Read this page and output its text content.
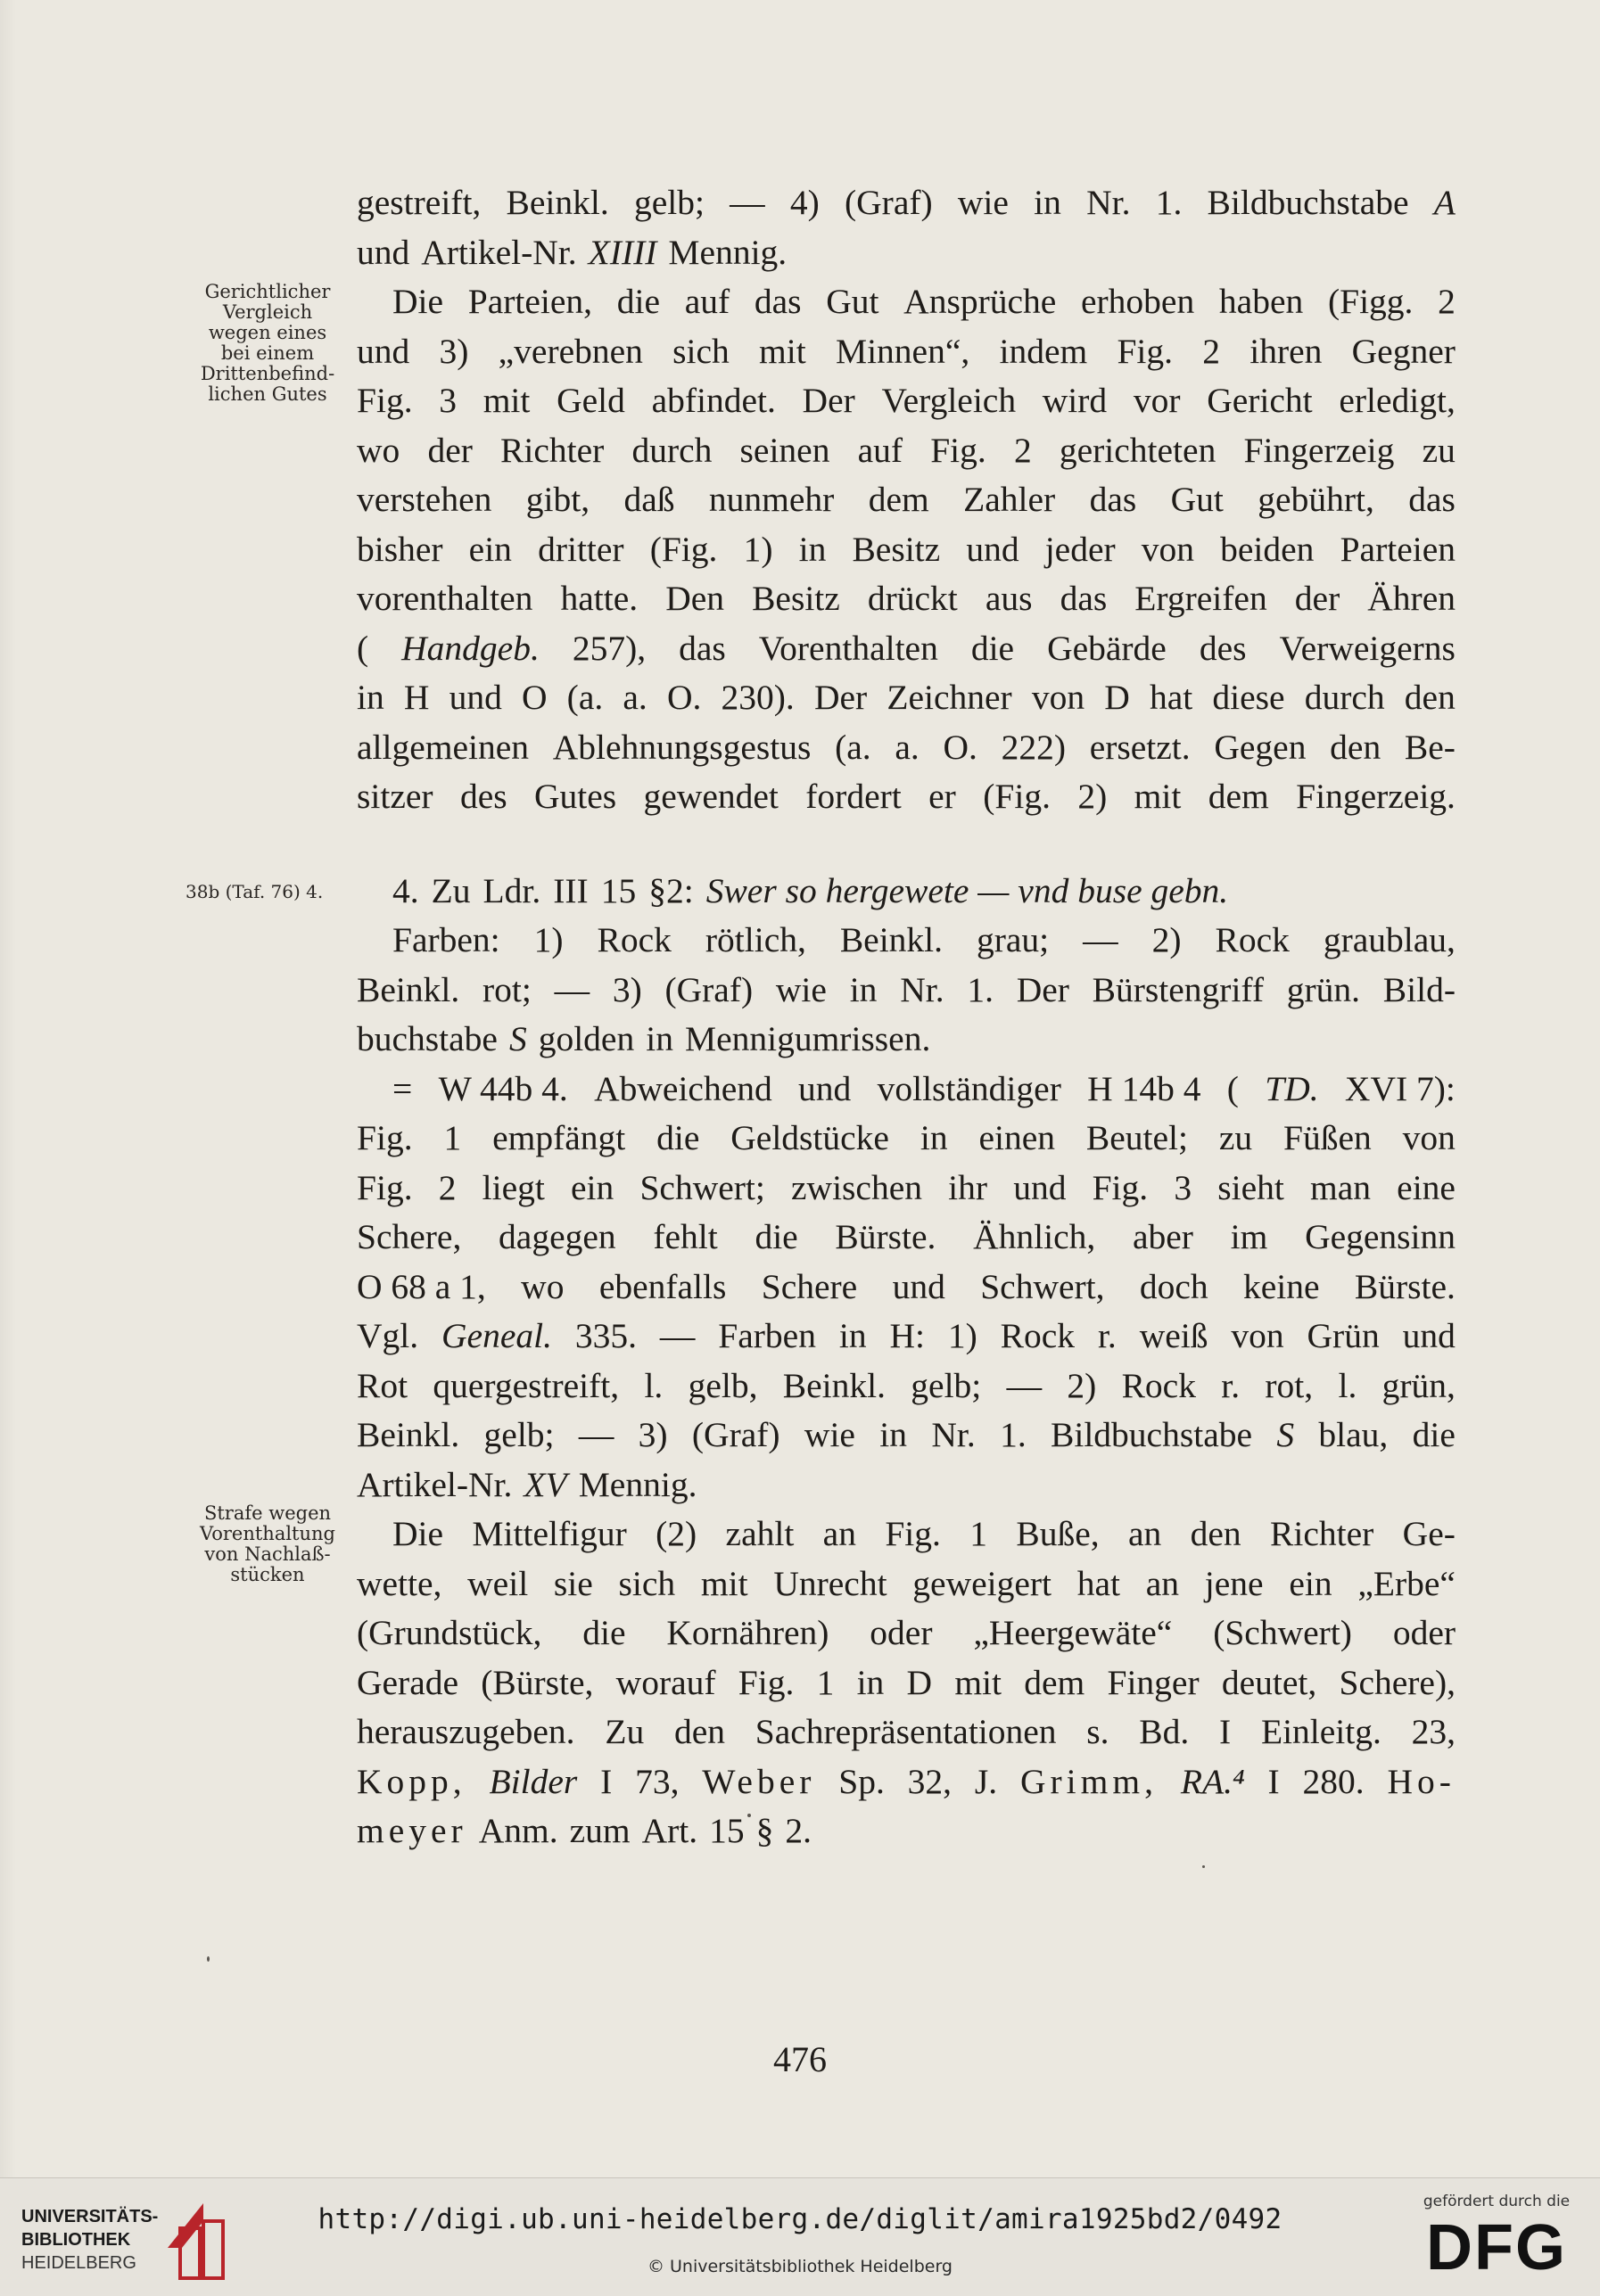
Gerichtlicher
Vergleich
wegen eines
bei einem
Drittenbefind-
lichen Gutes
38b (Taf. 76) 4.
Strafe wegen
Vorenthaltung
von Nachlaß-
stücken
gestreift, Beinkl. gelb; — 4) (Graf) wie in Nr. 1. Bildbuchstabe A
und Artikel-Nr. XIIII Mennig.
Die Parteien, die auf das Gut Ansprüche erhoben haben (Figg. 2
und 3) „verebnen sich mit Minnen“, indem Fig. 2 ihren Gegner
Fig. 3 mit Geld abfindet. Der Vergleich wird vor Gericht erledigt,
wo der Richter durch seinen auf Fig. 2 gerichteten Fingerzeig zu
verstehen gibt, daß nunmehr dem Zahler das Gut gebührt, das
bisher ein dritter (Fig. 1) in Besitz und jeder von beiden Parteien
vorenthalten hatte. Den Besitz drückt aus das Ergreifen der Ähren
( Handgeb. 257), das Vorenthalten die Gebärde des Verweigerns
in H und O (a. a. O. 230). Der Zeichner von D hat diese durch den
allgemeinen Ablehnungsgestus (a. a. O. 222) ersetzt. Gegen den Be-
sitzer des Gutes gewendet fordert er (Fig. 2) mit dem Fingerzeig.
4. Zu Ldr. III 15 §2: Swer so hergewete — vnd buse gebn.
Farben: 1) Rock rötlich, Beinkl. grau; — 2) Rock graublau,
Beinkl. rot; — 3) (Graf) wie in Nr. 1. Der Bürstengriff grün. Bild-
buchstabe S golden in Mennigumrissen.
= W 44b 4. Abweichend und vollständiger H 14b 4 ( TD. XVI 7):
Fig. 1 empfängt die Geldstücke in einen Beutel; zu Füßen von
Fig. 2 liegt ein Schwert; zwischen ihr und Fig. 3 sieht man eine
Schere, dagegen fehlt die Bürste. Ähnlich, aber im Gegensinn
O 68 a 1, wo ebenfalls Schere und Schwert, doch keine Bürste.
Vgl. Geneal. 335. — Farben in H: 1) Rock r. weiß von Grün und
Rot quergestreift, l. gelb, Beinkl. gelb; — 2) Rock r. rot, l. grün,
Beinkl. gelb; — 3) (Graf) wie in Nr. 1. Bildbuchstabe S blau, die
Artikel-Nr. XV Mennig.
Die Mittelfigur (2) zahlt an Fig. 1 Buße, an den Richter Ge-
wette, weil sie sich mit Unrecht geweigert hat an jene ein „Erbe“
(Grundstück, die Kornähren) oder „Heergewäte“ (Schwert) oder
Gerade (Bürste, worauf Fig. 1 in D mit dem Finger deutet, Schere),
herauszugeben. Zu den Sachrepräsentationen s. Bd. I Einleitg. 23,
Kopp, Bilder I 73, Weber Sp. 32, J. Grimm, RA.⁴ I 280. Ho-
meyer Anm. zum Art. 15 § 2.
476
UNIVERSITÄTS-
BIBLIOTHEK
HEIDELBERG
http://digi.ub.uni-heidelberg.de/diglit/amira1925bd2/0492
© Universitätsbibliothek Heidelberg
gefördert durch die
DFG
